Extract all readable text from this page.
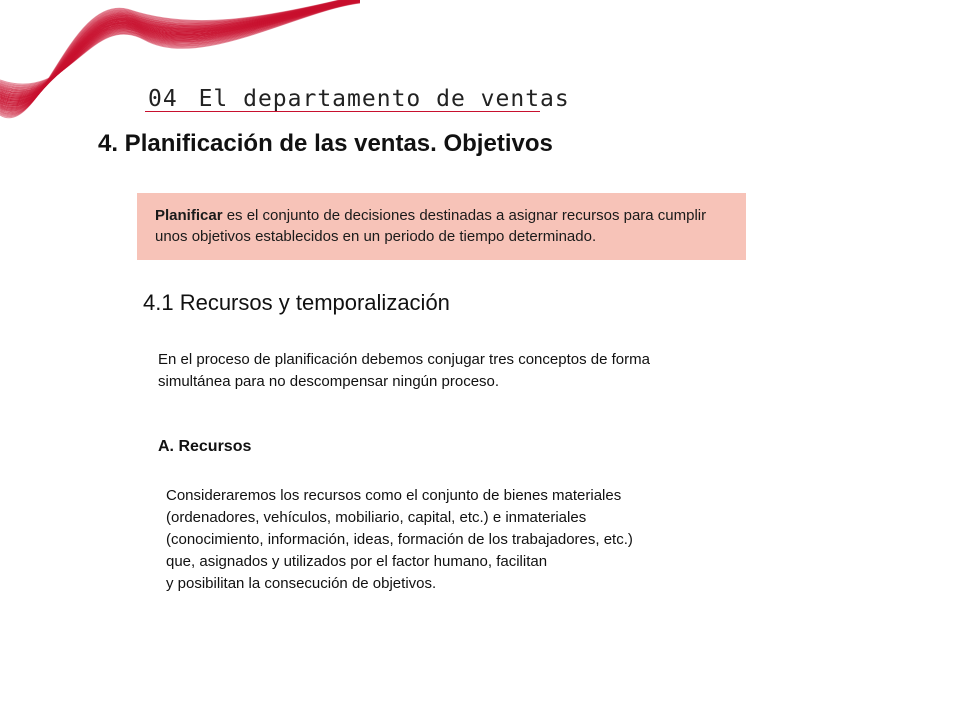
04 El departamento de ventas
4. Planificación de las ventas. Objetivos
Planificar es el conjunto de decisiones destinadas a asignar recursos para cumplir
unos objetivos establecidos en un periodo de tiempo determinado.
4.1 Recursos y temporalización
En el proceso de planificación debemos conjugar tres conceptos de forma
simultánea para no descompensar ningún proceso.
A. Recursos
Consideraremos los recursos como el conjunto de bienes materiales
(ordenadores, vehículos, mobiliario, capital, etc.) e inmateriales
(conocimiento, información, ideas, formación de los trabajadores, etc.)
que, asignados y utilizados por el factor humano, facilitan
y posibilitan la consecución de objetivos.
